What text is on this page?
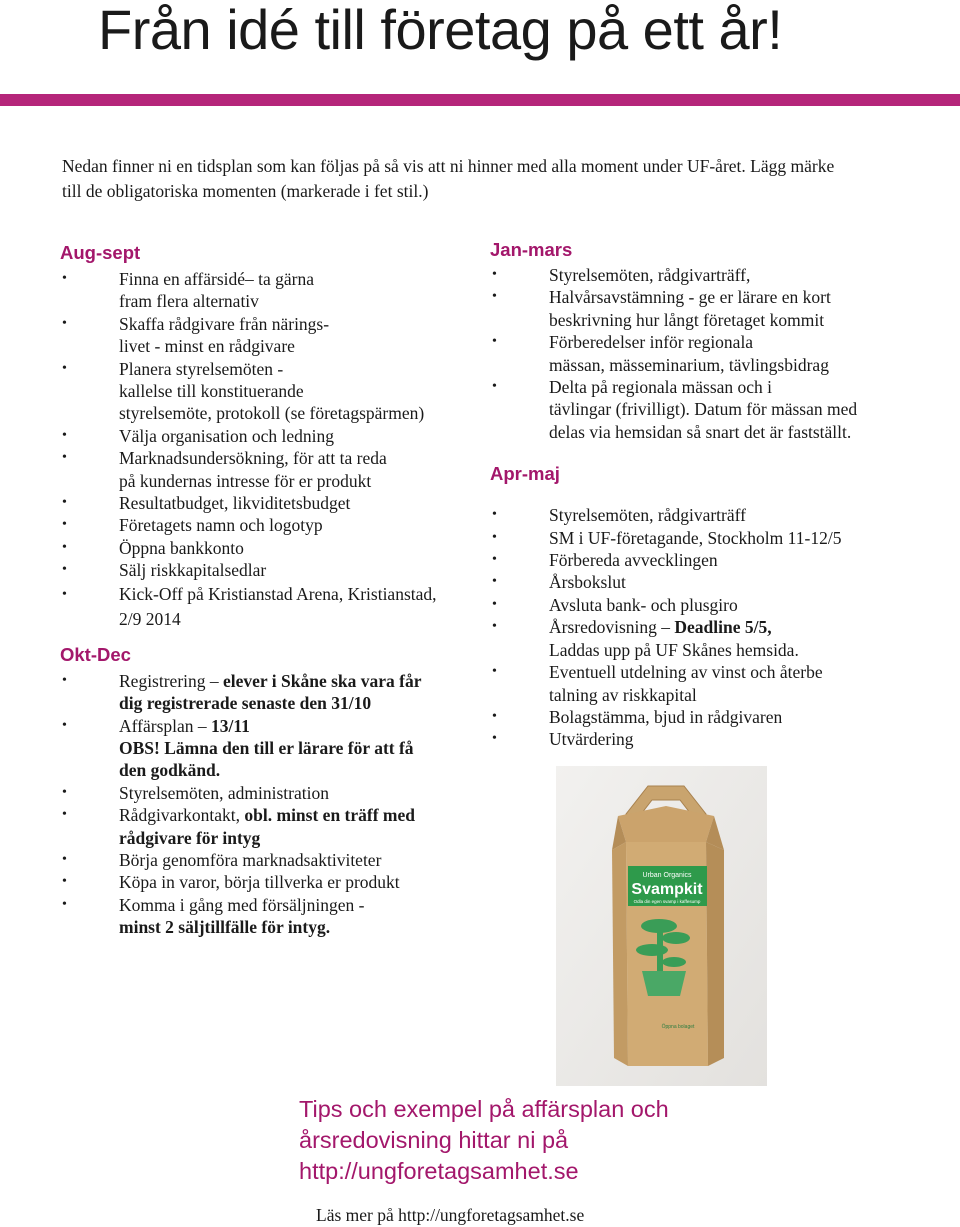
Från idé till företag på ett år!
Nedan finner ni en tidsplan som kan följas på så vis att ni hinner med alla moment under UF-året. Lägg märke
till de obligatoriska momenten (markerade i fet stil.)
Aug-sept
• Finna en affärsidé– ta gärna
fram flera alternativ
• Skaffa rådgivare från närings-
livet - minst en rådgivare
• Planera styrelsemöten -
kallelse till konstituerande
styrelsemöte, protokoll (se företagspärmen)
• Välja organisation och ledning
• Marknadsundersökning, för att ta reda
på kundernas intresse för er produkt
• Resultatbudget, likviditetsbudget
• Företagets namn och logotyp
• Öppna bankkonto
• Sälj riskkapitalsedlar
• Kick-Off på Kristianstad Arena, Kristianstad,
2/9 2014
Okt-Dec
• Registrering – elever i Skåne ska vara får
dig registrerade senaste den 31/10
• Affärsplan – 13/11
OBS! Lämna den till er lärare för att få
den godkänd.
• Styrelsemöten, administration
• Rådgivarkontakt, obl. minst en träff med
rådgivare för intyg
• Börja genomföra marknadsaktiviteter
• Köpa in varor, börja tillverka er produkt
• Komma i gång med försäljningen -
minst 2 säljtillfälle för intyg.
Jan-mars
• Styrelsemöten, rådgivarträff,
• Halvårsavstämning - ge er lärare en kort
beskrivning hur långt företaget kommit
• Förberedelser inför regionala
mässan, mässeminarium, tävlingsbidrag
• Delta på regionala mässan och i
tävlingar (frivilligt). Datum för mässan med
delas via hemsidan så snart det är fastställt.
Apr-maj
• Styrelsemöten, rådgivarträff
• SM i UF-företagande, Stockholm 11-12/5
• Förbereda avvecklingen
• Årsbokslut
• Avsluta bank- och plusgiro
• Årsredovisning – Deadline 5/5,
Laddas upp på UF Skånes hemsida.
• Eventuell utdelning av vinst och återbe
talning av riskkapital
• Bolagstämma, bjud in rådgivaren
• Utvärdering
Urban Organics
Svampkit
Odla din egen svamp i kaffesump
Öppna bolaget
Tips och exempel på affärsplan och
årsredovisning hittar ni på
http://ungforetagsamhet.se
Läs mer på http://ungforetagsamhet.se
